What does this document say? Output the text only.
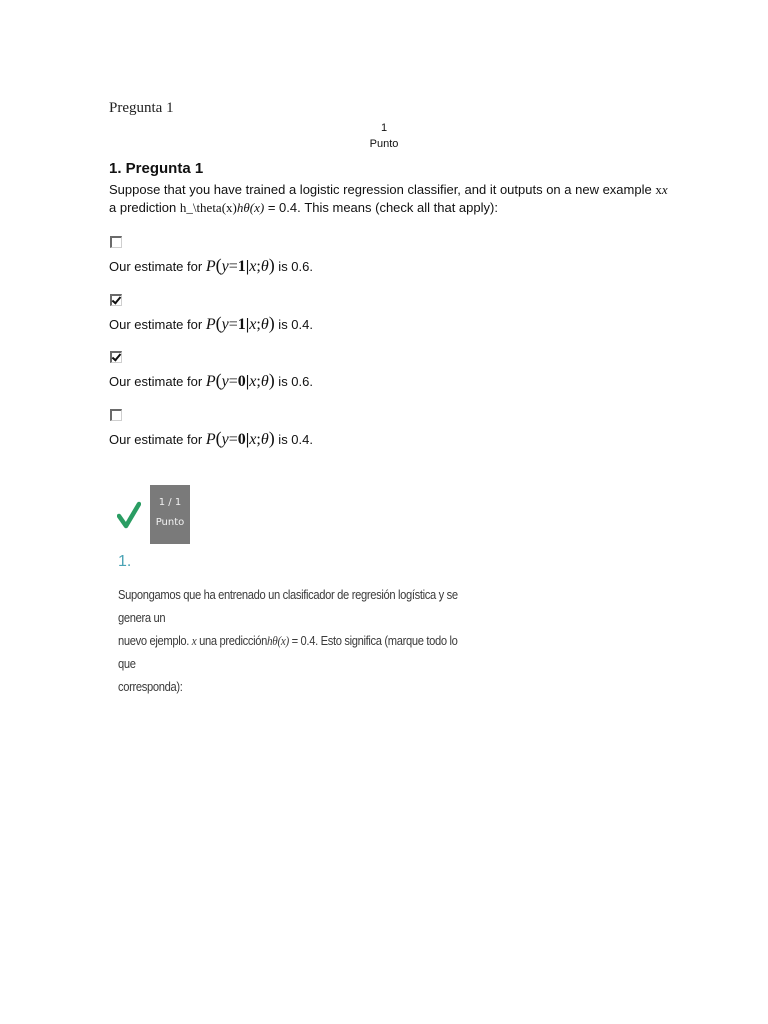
Pregunta 1
1
Punto
1. Pregunta 1
Suppose that you have trained a logistic regression classifier, and it outputs on a new example xx a prediction h_\theta(x)hθ(x) = 0.4. This means (check all that apply):
Our estimate for P(y=1|x;θ) is 0.6.
Our estimate for P(y=1|x;θ) is 0.4.
Our estimate for P(y=0|x;θ) is 0.6.
Our estimate for P(y=0|x;θ) is 0.4.
1 / 1
Punto
1.
Supongamos que ha entrenado un clasificador de regresión logística y se genera un
nuevo ejemplo. x una predicciónhθ(x) = 0.4. Esto significa (marque todo lo que
corresponda):
